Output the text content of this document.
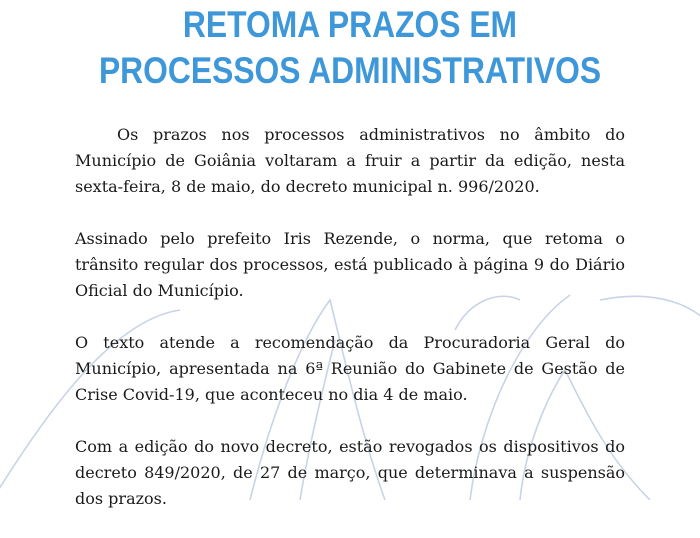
RETOMA PRAZOS EM
PROCESSOS ADMINISTRATIVOS

Os prazos nos processos administrativos no âmbito do Município de Goiânia voltaram a fruir a partir da edição, nesta sexta-feira, 8 de maio, do decreto municipal n. 996/2020.

Assinado pelo prefeito Iris Rezende, o norma, que retoma o trânsito regular dos processos, está publicado à página 9 do Diário Oficial do Município.

O texto atende a recomendação da Procuradoria Geral do Município, apresentada na 6ª Reunião do Gabinete de Gestão de Crise Covid-19, que aconteceu no dia 4 de maio.

Com a edição do novo decreto, estão revogados os dispositivos do decreto 849/2020, de 27 de março, que determinava a suspensão dos prazos.
